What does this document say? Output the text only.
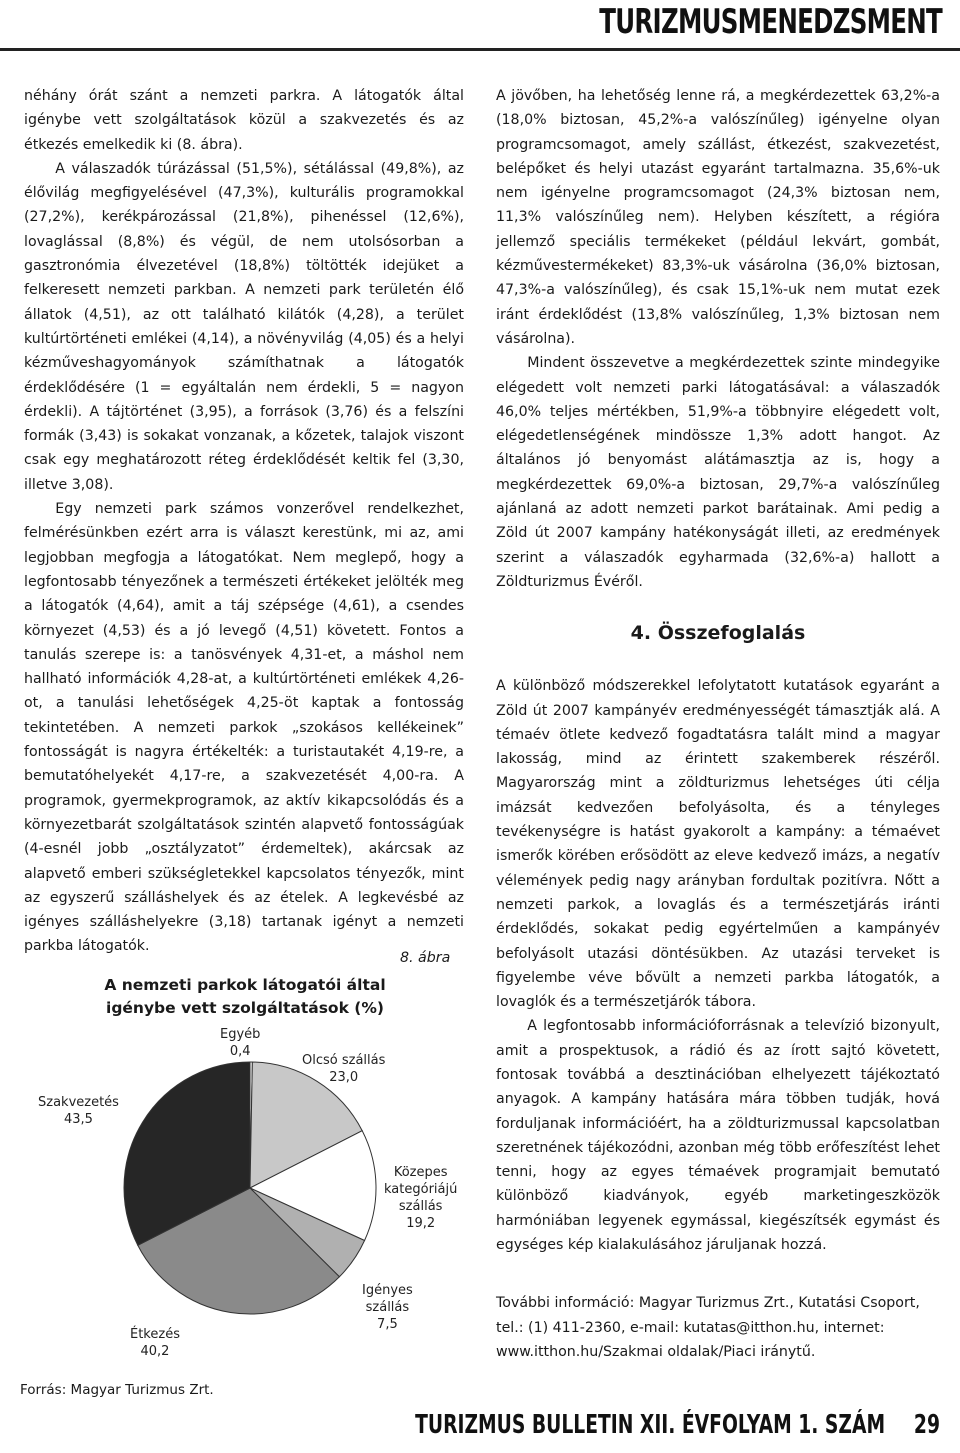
TURIZMUSMENEDZSMENT

néhány órát szánt a nemzeti parkra. A látogatók által igénybe vett szolgáltatások közül a szakvezetés és az étkezés emelkedik ki (8. ábra).

A válaszadók túrázással (51,5%), sétálással (49,8%), az élővilág megfigyelésével (47,3%), kulturális programokkal (27,2%), kerékpározással (21,8%), pihenéssel (12,6%), lovaglással (8,8%) és végül, de nem utolsósorban a gasztronómia élvezetével (18,8%) töltötték idejüket a felkeresett nemzeti parkban. A nemzeti park területén élő állatok (4,51), az ott található kilátók (4,28), a terület kultúrtörténeti emlékei (4,14), a növényvilág (4,05) és a helyi kézműveshagyományok számíthatnak a látogatók érdeklődésére (1 = egyáltalán nem érdekli, 5 = nagyon érdekli). A tájtörténet (3,95), a források (3,76) és a felszíni formák (3,43) is sokakat vonzanak, a kőzetek, talajok viszont csak egy meghatározott réteg érdeklődését keltik fel (3,30, illetve 3,08).

Egy nemzeti park számos vonzerővel rendelkezhet, felmérésünkben ezért arra is választ kerestünk, mi az, ami legjobban megfogja a látogatókat. Nem meglepő, hogy a legfontosabb tényezőnek a természeti értékeket jelölték meg a látogatók (4,64), amit a táj szépsége (4,61), a csendes környezet (4,53) és a jó levegő (4,51) követett. Fontos a tanulás szerepe is: a tanösvények 4,31-et, a máshol nem hallható információk 4,28-at, a kultúrtörténeti emlékek 4,26-ot, a tanulási lehetőségek 4,25-öt kaptak a fontosság tekintetében. A nemzeti parkok „szokásos kellékeinek” fontosságát is nagyra értékelték: a turistautakét 4,19-re, a bemutatóhelyekét 4,17-re, a szakvezetését 4,00-ra. A programok, gyermekprogramok, az aktív kikapcsolódás és a környezetbarát szolgáltatások szintén alapvető fontosságúak (4-esnél jobb „osztályzatot” érdemeltek), akárcsak az alapvető emberi szükségletekkel kapcsolatos tényezők, mint az egyszerű szálláshelyek és az ételek. A legkevésbé az igényes szálláshelyekre (3,18) tartanak igényt a nemzeti parkba látogatók.

8. ábra
A nemzeti parkok látogatói által
igénybe vett szolgáltatások (%)
Egyéb
0,4
Olcsó szállás
23,0
Közepes
kategóriájú
szállás
19,2
Igényes
szállás
7,5
Étkezés
40,2
Szakvezetés
43,5
Forrás: Magyar Turizmus Zrt.

A jövőben, ha lehetőség lenne rá, a megkérdezettek 63,2%-a (18,0% biztosan, 45,2%-a valószínűleg) igényelne olyan programcsomagot, amely szállást, étkezést, szakvezetést, belépőket és helyi utazást egyaránt tartalmazna. 35,6%-uk nem igényelne programcsomagot (24,3% biztosan nem, 11,3% valószínűleg nem). Helyben készített, a régióra jellemző speciális termékeket (például lekvárt, gombát, kézművestermékeket) 83,3%-uk vásárolna (36,0% biztosan, 47,3%-a valószínűleg), és csak 15,1%-uk nem mutat ezek iránt érdeklődést (13,8% valószínűleg, 1,3% biztosan nem vásárolna).

Mindent összevetve a megkérdezettek szinte mindegyike elégedett volt nemzeti parki látogatásával: a válaszadók 46,0% teljes mértékben, 51,9%-a többnyire elégedett volt, elégedetlenségének mindössze 1,3% adott hangot. Az általános jó benyomást alátámasztja az is, hogy a megkérdezettek 69,0%-a biztosan, 29,7%-a valószínűleg ajánlaná az adott nemzeti parkot barátainak. Ami pedig a Zöld út 2007 kampány hatékonyságát illeti, az eredmények szerint a válaszadók egyharmada (32,6%-a) hallott a Zöldturizmus Évéről.

4. Összefoglalás

A különböző módszerekkel lefolytatott kutatások egyaránt a Zöld út 2007 kampányév eredményességét támasztják alá. A témaév ötlete kedvező fogadtatásra talált mind a magyar lakosság, mind az érintett szakemberek részéről. Magyarország mint a zöldturizmus lehetséges úti célja imázsát kedvezően befolyásolta, és a tényleges tevékenységre is hatást gyakorolt a kampány: a témaévet ismerők körében erősödött az eleve kedvező imázs, a negatív vélemények pedig nagy arányban fordultak pozitívra. Nőtt a nemzeti parkok, a lovaglás és a természetjárás iránti érdeklődés, sokakat pedig egyértelműen a kampányév befolyásolt utazási döntésükben. Az utazási terveket is figyelembe véve bővült a nemzeti parkba látogatók, a lovaglók és a természetjárók tábora.

A legfontosabb információforrásnak a televízió bizonyult, amit a prospektusok, a rádió és az írott sajtó követett, fontosak továbbá a desztinációban elhelyezett tájékoztató anyagok. A kampány hatására mára többen tudják, hová forduljanak információért, ha a zöldturizmussal kapcsolatban szeretnének tájékozódni, azonban még több erőfeszítést lehet tenni, hogy az egyes témaévek programjait bemutató különböző kiadványok, egyéb marketingeszközök harmóniában legyenek egymással, kiegészítsék egymást és egységes kép kialakulásához járuljanak hozzá.

További információ: Magyar Turizmus Zrt., Kutatási Csoport, tel.: (1) 411-2360, e-mail: kutatas@itthon.hu, internet: www.itthon.hu/Szakmai oldalak/Piaci iránytű.

TURIZMUS BULLETIN XII. ÉVFOLYAM 1. SZÁM 29
